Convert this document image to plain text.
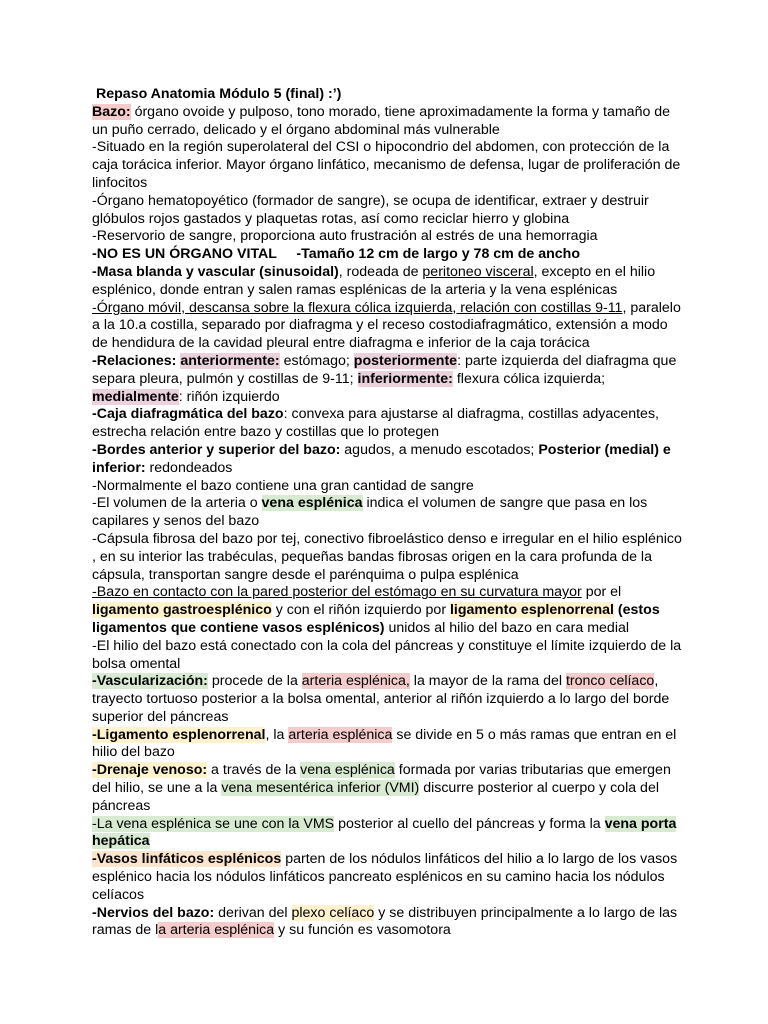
Repaso Anatomia Módulo 5 (final) :’)

Bazo: órgano ovoide y pulposo, tono morado, tiene aproximadamente la forma y tamaño de un puño cerrado, delicado y el órgano abdominal más vulnerable

-Situado en la región superolateral del CSI o hipocondrio del abdomen, con protección de la caja torácica inferior. Mayor órgano linfático, mecanismo de defensa, lugar de proliferación de linfocitos

-Órgano hematopoyético (formador de sangre), se ocupa de identificar, extraer y destruir glóbulos rojos gastados y plaquetas rotas, así como reciclar hierro y globina

-Reservorio de sangre, proporciona auto frustración al estrés de una hemorragia

-NO ES UN ÓRGANO VITAL     -Tamaño 12 cm de largo y 78 cm de ancho

-Masa blanda y vascular (sinusoidal), rodeada de peritoneo visceral, excepto en el hilio esplénico, donde entran y salen ramas esplénicas de la arteria y la vena esplénicas

-Órgano móvil, descansa sobre la flexura cólica izquierda, relación con costillas 9-11, paralelo a la 10.a costilla, separado por diafragma y el receso costodiafragmático, extensión a modo de hendidura de la cavidad pleural entre diafragma e inferior de la caja torácica

-Relaciones: anteriormente: estómago; posteriormente: parte izquierda del diafragma que separa pleura, pulmón y costillas de 9-11; inferiormente: flexura cólica izquierda; medialmente: riñón izquierdo

-Caja diafragmática del bazo: convexa para ajustarse al diafragma, costillas adyacentes, estrecha relación entre bazo y costillas que lo protegen

-Bordes anterior y superior del bazo: agudos, a menudo escotados; Posterior (medial) e inferior: redondeados

-Normalmente el bazo contiene una gran cantidad de sangre

-El volumen de la arteria o vena esplénica indica el volumen de sangre que pasa en los capilares y senos del bazo

-Cápsula fibrosa del bazo por tej, conectivo fibroelástico denso e irregular en el hilio esplénico , en su interior las trabéculas, pequeñas bandas fibrosas origen en la cara profunda de la cápsula, transportan sangre desde el parénquima o pulpa esplénica

-Bazo en contacto con la pared posterior del estómago en su curvatura mayor por el ligamento gastroesplénico y con el riñón izquierdo por ligamento esplenorrenal (estos ligamentos que contiene vasos esplénicos) unidos al hilio del bazo en cara medial

-El hilio del bazo está conectado con la cola del páncreas y constituye el límite izquierdo de la bolsa omental

-Vascularización: procede de la arteria esplénica, la mayor de la rama del tronco celíaco, trayecto tortuoso posterior a la bolsa omental, anterior al riñón izquierdo a lo largo del borde superior del páncreas

-Ligamento esplenorrenal, la arteria esplénica se divide en 5 o más ramas que entran en el hilio del bazo

-Drenaje venoso: a través de la vena esplénica formada por varias tributarias que emergen del hilio, se une a la vena mesentérica inferior (VMI) discurre posterior al cuerpo y cola del páncreas

-La vena esplénica se une con la VMS posterior al cuello del páncreas y forma la vena porta hepática

-Vasos linfáticos esplénicos parten de los nódulos linfáticos del hilio a lo largo de los vasos esplénico hacia los nódulos linfáticos pancreato esplénicos en su camino hacia los nódulos celíacos

-Nervios del bazo: derivan del plexo celíaco y se distribuyen principalmente a lo largo de las ramas de la arteria esplénica y su función es vasomotora
